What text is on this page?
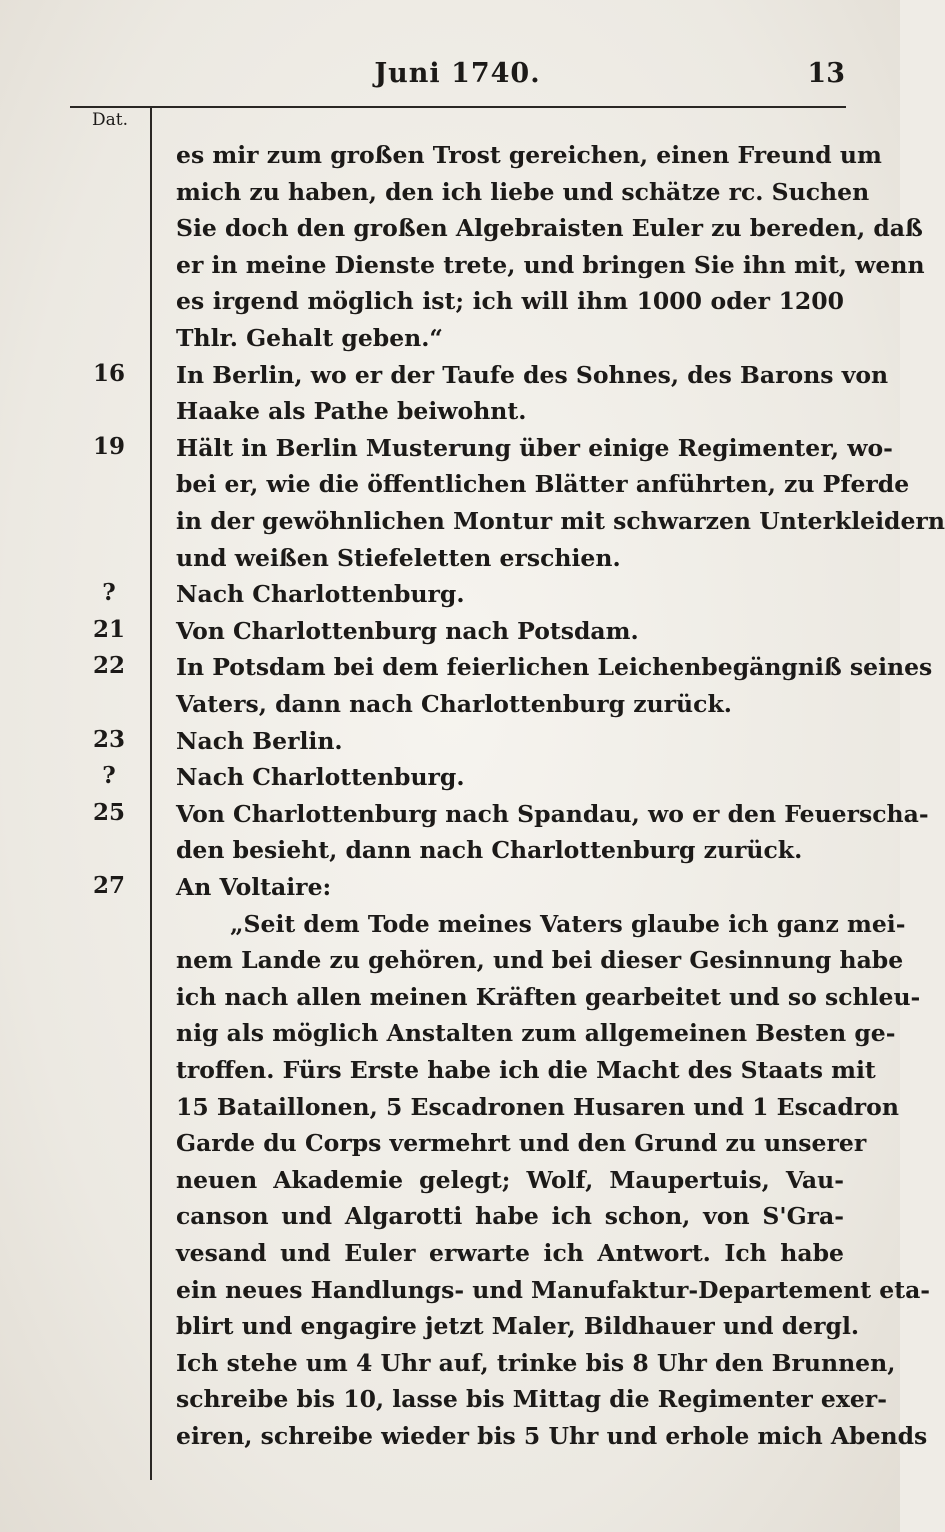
Juni 1740.	13
Dat.
16
19
?
21
22
23
?
25
27
es mir zum großen Trost gereichen, einen Freund um
mich zu haben, den ich liebe und schätze rc. Suchen
Sie doch den großen Algebraisten Euler zu bereden, daß
er in meine Dienste trete, und bringen Sie ihn mit, wenn
es irgend möglich ist; ich will ihm 1000 oder 1200
Thlr. Gehalt geben.“
In Berlin, wo er der Taufe des Sohnes, des Barons von
Haake als Pathe beiwohnt.
Hält in Berlin Musterung über einige Regimenter, wo-
bei er, wie die öffentlichen Blätter anführten, zu Pferde
in der gewöhnlichen Montur mit schwarzen Unterkleidern
und weißen Stiefeletten erschien.
Nach Charlottenburg.
Von Charlottenburg nach Potsdam.
In Potsdam bei dem feierlichen Leichenbegängniß seines
Vaters, dann nach Charlottenburg zurück.
Nach Berlin.
Nach Charlottenburg.
Von Charlottenburg nach Spandau, wo er den Feuerscha-
den besieht, dann nach Charlottenburg zurück.
An Voltaire:
„Seit dem Tode meines Vaters glaube ich ganz mei-
nem Lande zu gehören, und bei dieser Gesinnung habe
ich nach allen meinen Kräften gearbeitet und so schleu-
nig als möglich Anstalten zum allgemeinen Besten ge-
troffen. Fürs Erste habe ich die Macht des Staats mit
15 Bataillonen, 5 Escadronen Husaren und 1 Escadron
Garde du Corps vermehrt und den Grund zu unserer
neuen Akademie gelegt; Wolf, Maupertuis, Vau-
canson und Algarotti habe ich schon, von S'Gra-
vesand und Euler erwarte ich Antwort. Ich habe
ein neues Handlungs- und Manufaktur-Departement eta-
blirt und engagire jetzt Maler, Bildhauer und dergl.
Ich stehe um 4 Uhr auf, trinke bis 8 Uhr den Brunnen,
schreibe bis 10, lasse bis Mittag die Regimenter exer-
eiren, schreibe wieder bis 5 Uhr und erhole mich Abends
